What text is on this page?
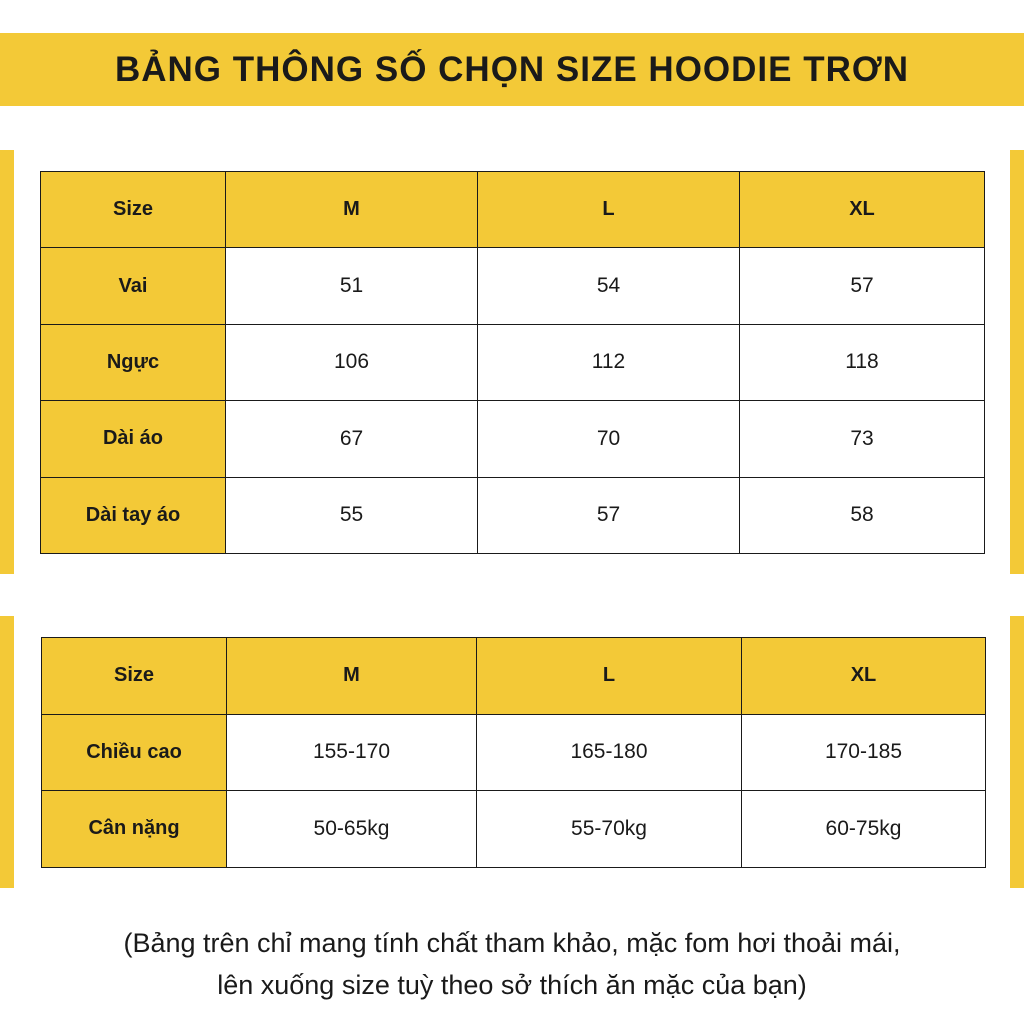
BẢNG THÔNG SỐ CHỌN SIZE HOODIE TRƠN
Size	M	L	XL
Vai	51	54	57
Ngực	106	112	118
Dài áo	67	70	73
Dài tay áo	55	57	58
Size	M	L	XL
Chiều cao	155-170	165-180	170-185
Cân nặng	50-65kg	55-70kg	60-75kg
(Bảng trên chỉ mang tính chất tham khảo, mặc fom hơi thoải mái,
lên xuống size tuỳ theo sở thích ăn mặc của bạn)
